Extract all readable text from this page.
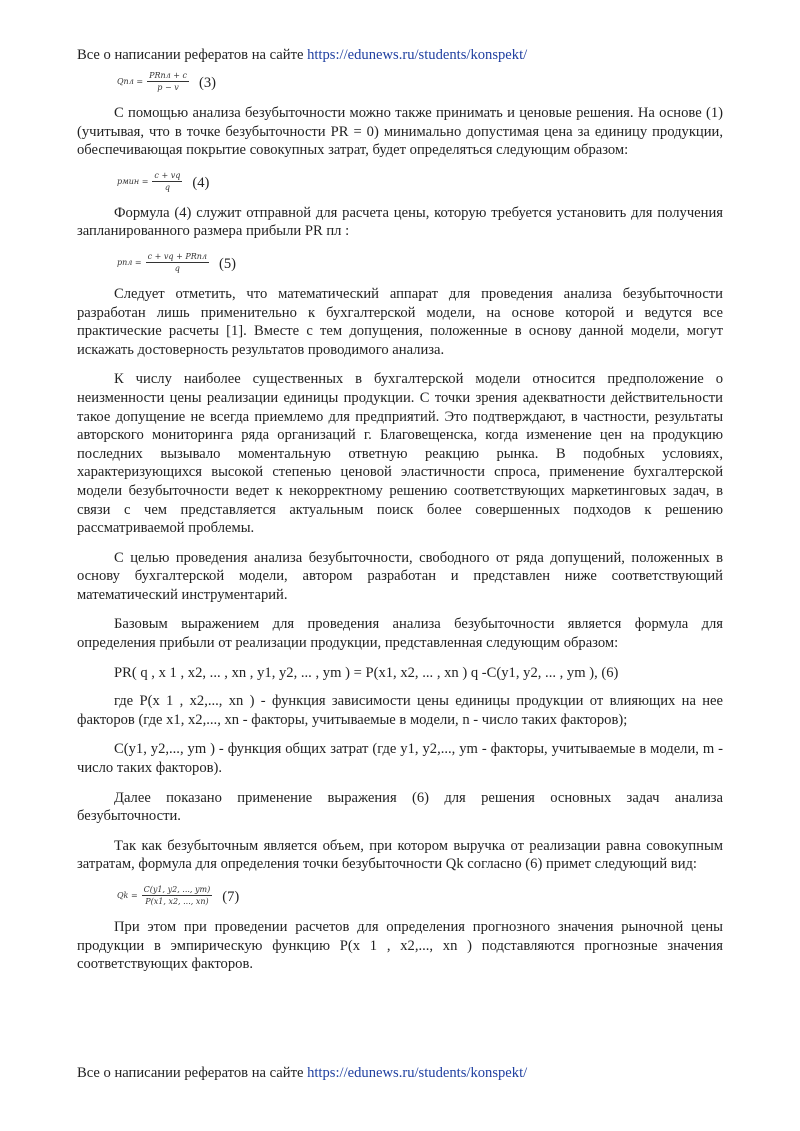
Все о написании рефератов на сайте https://edunews.ru/students/konspekt/
Qпл = $\frac{\text{PRпл + c}}{p - v} (3)$

С помощью анализа безубыточности можно также принимать и ценовые решения. На основе (1) (учитывая, что в точке безубыточности PR = 0) минимально допустимая цена за единицу продукции, обеспечивающая покрытие совокупных затрат, будет определяться следующим образом:

pмин = $\frac{c + vq}{q} (4)$

Формула (4) служит отправной для расчета цены, которую требуется установить для получения запланированного размера прибыли PR пл :

pпл = $\frac{\text{c + vq + PRпл}}{q} (5)$

Следует отметить, что математический аппарат для проведения анализа безубыточности разработан лишь применительно к бухгалтерской модели, на основе которой и ведутся все практические расчеты [1]. Вместе с тем допущения, положенные в основу данной модели, могут искажать достоверность результатов проводимого анализа.

К числу наиболее существенных в бухгалтерской модели относится предположение о неизменности цены реализации единицы продукции. С точки зрения адекватности действительности такое допущение не всегда приемлемо для предприятий. Это подтверждают, в частности, результаты авторского мониторинга ряда организаций г. Благовещенска, когда изменение цен на продукцию последних вызывало моментальную ответную реакцию рынка. В подобных условиях, характеризующихся высокой степенью ценовой эластичности спроса, применение бухгалтерской модели безубыточности ведет к некорректному решению соответствующих маркетинговых задач, в связи с чем представляется актуальным поиск более совершенных подходов к решению рассматриваемой проблемы.

С целью проведения анализа безубыточности, свободного от ряда допущений, положенных в основу бухгалтерской модели, автором разработан и представлен ниже соответствующий математический инструментарий.

Базовым выражением для проведения анализа безубыточности является формула для определения прибыли от реализации продукции, представленная следующим образом:

PR( q , x 1 , x2, ... , xn , y1, y2, ... , ym ) = P(x1, x2, ... , xn ) q -C(y1, y2, ... , ym ), (6)

где P(x 1 , x2,..., xn ) - функция зависимости цены единицы продукции от влияющих на нее факторов (где x1, x2,..., xn - факторы, учитываемые в модели, n - число таких факторов);

C(y1, y2,..., ym ) - функция общих затрат (где y1, y2,..., ym - факторы, учитываемые в модели, m - число таких факторов).

Далее показано применение выражения (6) для решения основных задач анализа безубыточности.

Так как безубыточным является объем, при котором выручка от реализации равна совокупным затратам, формула для определения точки безубыточности Qk согласно (6) примет следующий вид:

$Qk = \frac{C(y1, y2, ..., ym)}{P(x1, x2, ..., xn)} (7)$

При этом при проведении расчетов для определения прогнозного значения рыночной цены продукции в эмпирическую функцию P(x 1 , x2,..., xn ) подставляются прогнозные значения соответствующих факторов.

Все о написании рефератов на сайте https://edunews.ru/students/konspekt/
